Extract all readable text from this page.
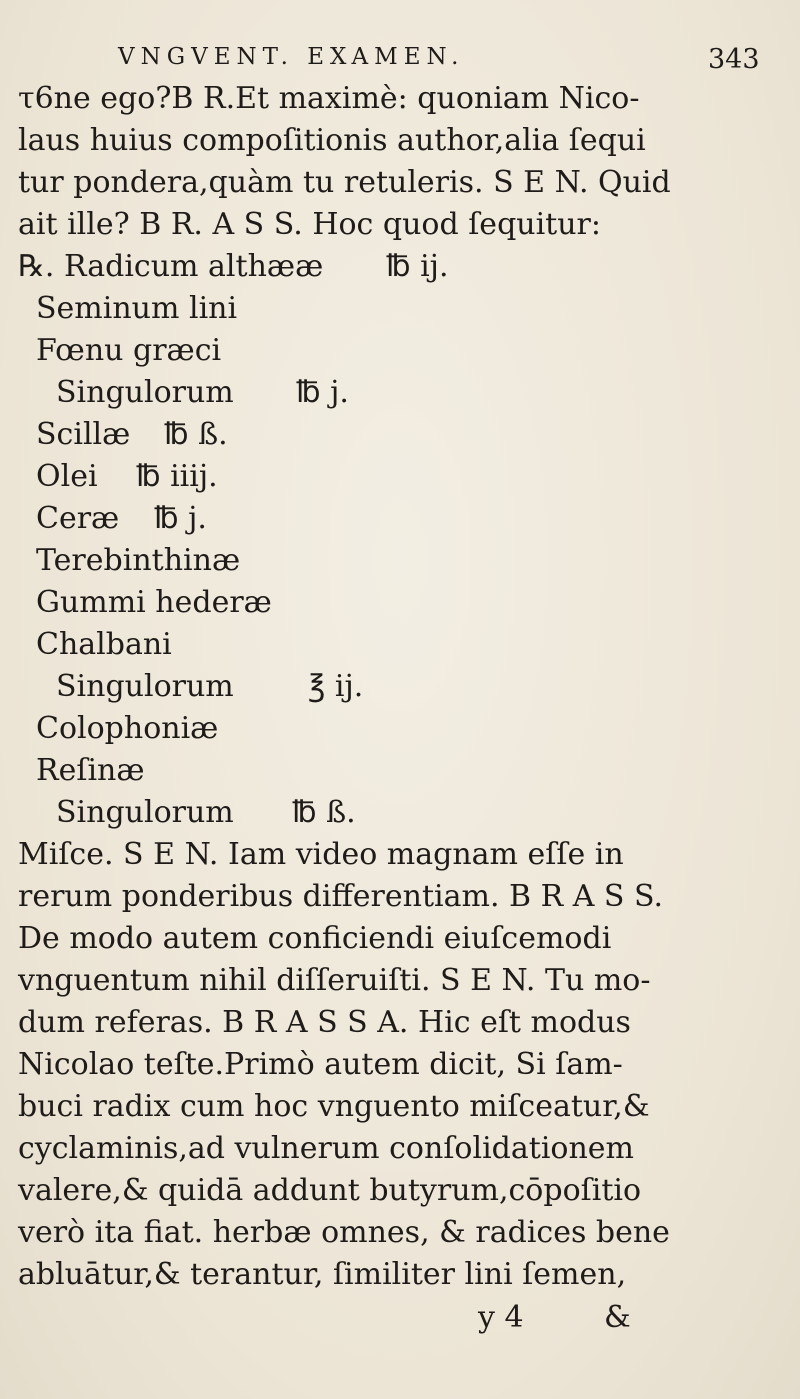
VNGVENT. EXAMEN.	343
τ6ne ego?B R.Et maximè: quoniam Nico-
laus huius compoſitionis author,alia ſequi
tur pondera,quàm tu retuleris. S E N. Quid
ait ille? B R. A S S. Hoc quod ſequitur:
℞. Radicum althææ ℔ ij.
Seminum lini
Fœnu græci
Singulorum ℔ j.
Scillæ ℔ ß.
Olei ℔ iiij.
Ceræ ℔ j.
Terebinthinæ
Gummi hederæ
Chalbani
Singulorum ℥ ij.
Colophoniæ
Reſinæ
Singulorum ℔ ß.
Miſce. S E N. Iam video magnam eſſe in
rerum ponderibus differentiam. B R A S S.
De modo autem conficiendi eiuſcemodi
vnguentum nihil diſſeruiſti. S E N. Tu mo-
dum referas. B R A S S A. Hic eſt modus
Nicolao teſte.Primò autem dicit, Si ſam-
buci radix cum hoc vnguento miſceatur,&
cyclaminis,ad vulnerum conſolidationem
valere,& quidā addunt butyrum,cōpoſitio
verò ita fiat. herbæ omnes, & radices bene
abluātur,& terantur, ſimiliter lini ſemen,
y 4	&
